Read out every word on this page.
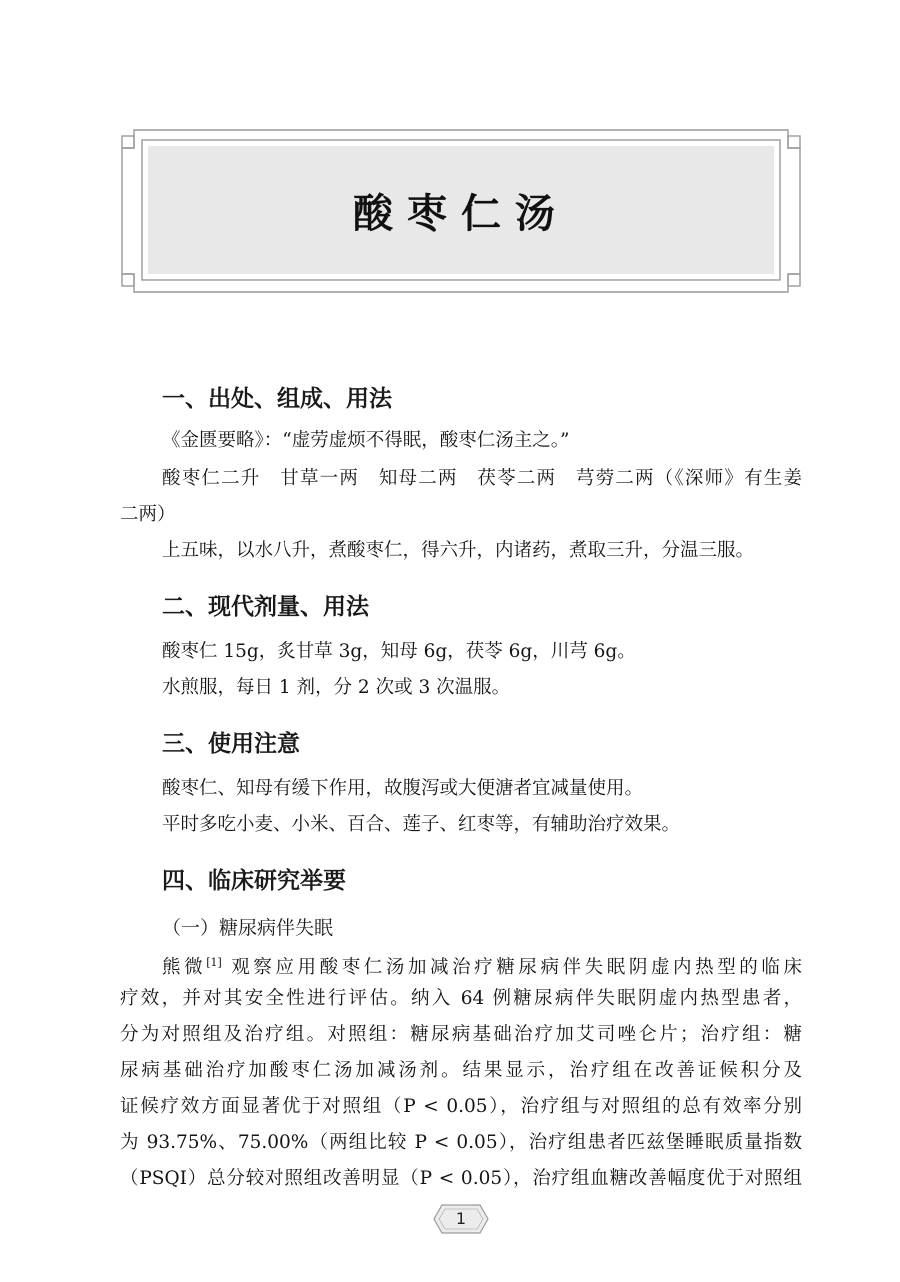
酸枣仁汤
一、出处、组成、用法
《金匮要略》：“虚劳虚烦不得眠，酸枣仁汤主之。”
酸枣仁二升　甘草一两　知母二两　茯苓二两　芎䓖二两（《深师》有生姜
二两）
上五味，以水八升，煮酸枣仁，得六升，内诸药，煮取三升，分温三服。
二、现代剂量、用法
酸枣仁 15g，炙甘草 3g，知母 6g，茯苓 6g，川芎 6g。
水煎服，每日 1 剂，分 2 次或 3 次温服。
三、使用注意
酸枣仁、知母有缓下作用，故腹泻或大便溏者宜减量使用。
平时多吃小麦、小米、百合、莲子、红枣等，有辅助治疗效果。
四、临床研究举要
（一）糖尿病伴失眠
熊微[1] 观察应用酸枣仁汤加减治疗糖尿病伴失眠阴虚内热型的临床
疗效，并对其安全性进行评估。纳入 64 例糖尿病伴失眠阴虚内热型患者，
分为对照组及治疗组。对照组：糖尿病基础治疗加艾司唑仑片；治疗组：糖
尿病基础治疗加酸枣仁汤加减汤剂。结果显示，治疗组在改善证候积分及
证候疗效方面显著优于对照组（P < 0.05），治疗组与对照组的总有效率分别
为 93.75%、75.00%（两组比较 P < 0.05），治疗组患者匹兹堡睡眠质量指数
（PSQI）总分较对照组改善明显（P < 0.05），治疗组血糖改善幅度优于对照组
1
